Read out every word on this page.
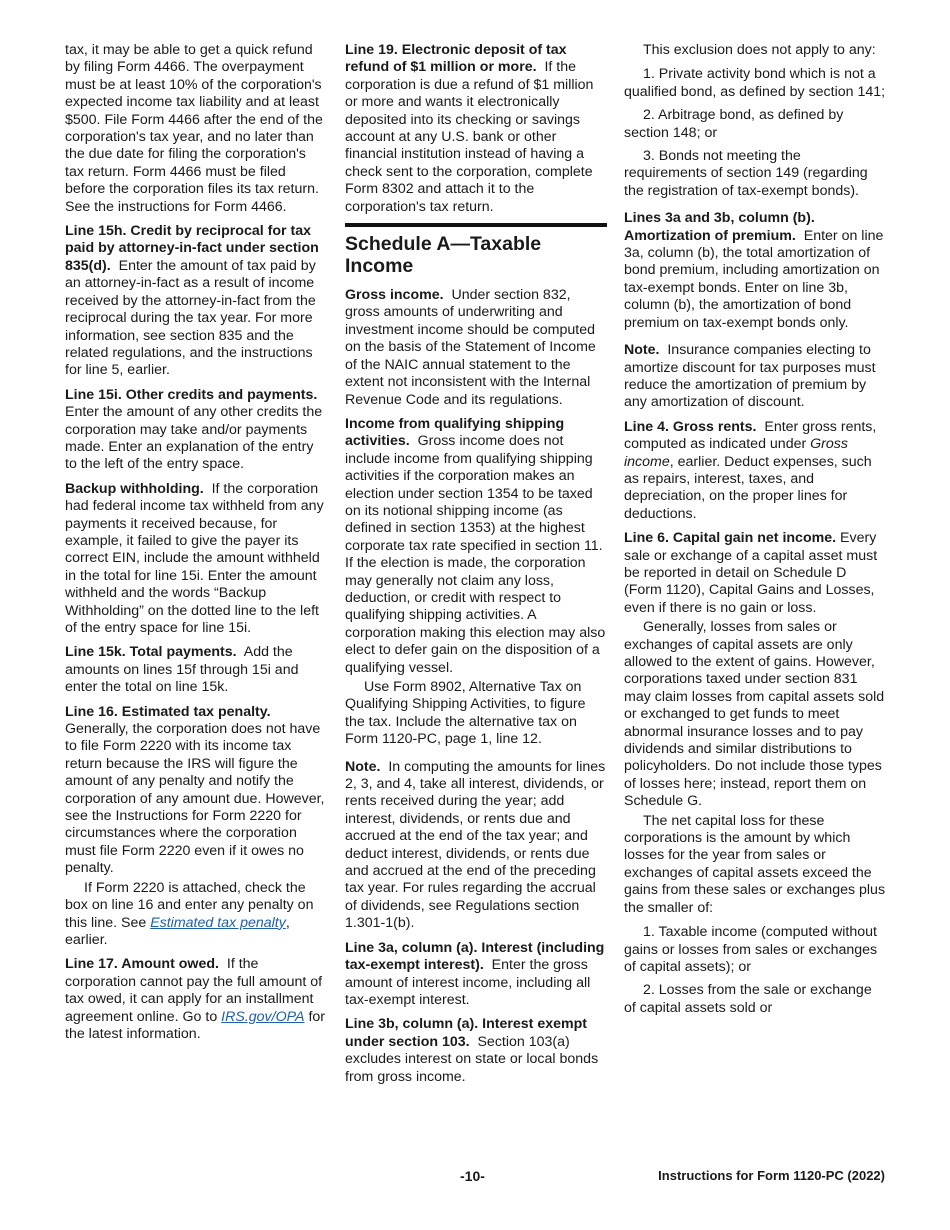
tax, it may be able to get a quick refund by filing Form 4466. The overpayment must be at least 10% of the corporation's expected income tax liability and at least $500. File Form 4466 after the end of the corporation's tax year, and no later than the due date for filing the corporation's tax return. Form 4466 must be filed before the corporation files its tax return. See the instructions for Form 4466.

Line 15h. Credit by reciprocal for tax paid by attorney-in-fact under section 835(d). Enter the amount of tax paid by an attorney-in-fact as a result of income received by the attorney-in-fact from the reciprocal during the tax year. For more information, see section 835 and the related regulations, and the instructions for line 5, earlier.

Line 15i. Other credits and payments.  Enter the amount of any other credits the corporation may take and/or payments made. Enter an explanation of the entry to the left of the entry space.

Backup withholding. If the corporation had federal income tax withheld from any payments it received because, for example, it failed to give the payer its correct EIN, include the amount withheld in the total for line 15i. Enter the amount withheld and the words “Backup Withholding” on the dotted line to the left of the entry space for line 15i.

Line 15k. Total payments. Add the amounts on lines 15f through 15i and enter the total on line 15k.

Line 16. Estimated tax penalty. Generally, the corporation does not have to file Form 2220 with its income tax return because the IRS will figure the amount of any penalty and notify the corporation of any amount due. However, see the Instructions for Form 2220 for circumstances where the corporation must file Form 2220 even if it owes no penalty.

If Form 2220 is attached, check the box on line 16 and enter any penalty on this line. See Estimated tax penalty, earlier.

Line 17. Amount owed. If the corporation cannot pay the full amount of tax owed, it can apply for an installment agreement online. Go to IRS.gov/OPA for the latest information.

Line 19. Electronic deposit of tax refund of $1 million or more. If the corporation is due a refund of $1 million or more and wants it electronically deposited into its checking or savings account at any U.S. bank or other financial institution instead of having a check sent to the corporation, complete Form 8302 and attach it to the corporation's tax return.

Schedule A—Taxable Income

Gross income. Under section 832, gross amounts of underwriting and investment income should be computed on the basis of the Statement of Income of the NAIC annual statement to the extent not inconsistent with the Internal Revenue Code and its regulations.

Income from qualifying shipping activities. Gross income does not include income from qualifying shipping activities if the corporation makes an election under section 1354 to be taxed on its notional shipping income (as defined in section 1353) at the highest corporate tax rate specified in section 11. If the election is made, the corporation may generally not claim any loss, deduction, or credit with respect to qualifying shipping activities. A corporation making this election may also elect to defer gain on the disposition of a qualifying vessel.

Use Form 8902, Alternative Tax on Qualifying Shipping Activities, to figure the tax. Include the alternative tax on Form 1120-PC, page 1, line 12.

Note. In computing the amounts for lines 2, 3, and 4, take all interest, dividends, or rents received during the year; add interest, dividends, or rents due and accrued at the end of the tax year; and deduct interest, dividends, or rents due and accrued at the end of the preceding tax year. For rules regarding the accrual of dividends, see Regulations section 1.301-1(b).

Line 3a, column (a). Interest (including tax-exempt interest). Enter the gross amount of interest income, including all tax-exempt interest.

Line 3b, column (a). Interest exempt under section 103. Section 103(a) excludes interest on state or local bonds from gross income.

This exclusion does not apply to any:

1. Private activity bond which is not a qualified bond, as defined by section 141;

2. Arbitrage bond, as defined by section 148; or

3. Bonds not meeting the requirements of section 149 (regarding the registration of tax-exempt bonds).

Lines 3a and 3b, column (b). Amortization of premium. Enter on line 3a, column (b), the total amortization of bond premium, including amortization on tax-exempt bonds. Enter on line 3b, column (b), the amortization of bond premium on tax-exempt bonds only.

Note. Insurance companies electing to amortize discount for tax purposes must reduce the amortization of premium by any amortization of discount.

Line 4. Gross rents. Enter gross rents, computed as indicated under Gross income, earlier. Deduct expenses, such as repairs, interest, taxes, and depreciation, on the proper lines for deductions.

Line 6. Capital gain net income. Every sale or exchange of a capital asset must be reported in detail on Schedule D (Form 1120), Capital Gains and Losses, even if there is no gain or loss.

Generally, losses from sales or exchanges of capital assets are only allowed to the extent of gains. However, corporations taxed under section 831 may claim losses from capital assets sold or exchanged to get funds to meet abnormal insurance losses and to pay dividends and similar distributions to policyholders. Do not include those types of losses here; instead, report them on Schedule G.

The net capital loss for these corporations is the amount by which losses for the year from sales or exchanges of capital assets exceed the gains from these sales or exchanges plus the smaller of:

1. Taxable income (computed without gains or losses from sales or exchanges of capital assets); or

2. Losses from the sale or exchange of capital assets sold or

-10-	Instructions for Form 1120-PC (2022)
